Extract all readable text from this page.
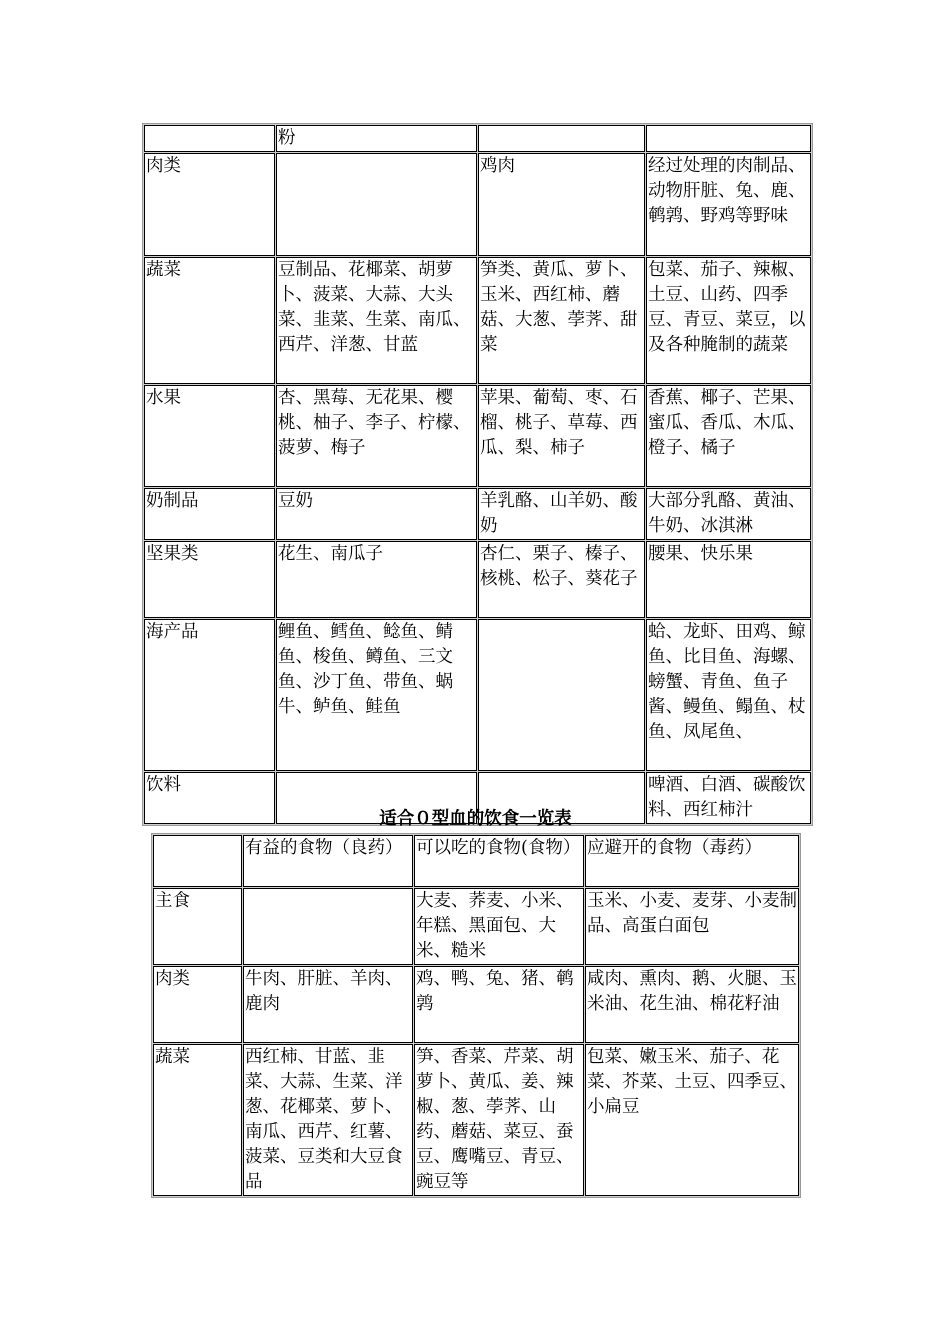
	粉		
肉类		鸡肉	经过处理的肉制品、动物肝脏、兔、鹿、鹌鹑、野鸡等野味
蔬菜	豆制品、花椰菜、胡萝卜、菠菜、大蒜、大头菜、韭菜、生菜、南瓜、西芹、洋葱、甘蓝	笋类、黄瓜、萝卜、玉米、西红柿、蘑菇、大葱、荸荠、甜菜	包菜、茄子、辣椒、土豆、山药、四季豆、青豆、菜豆，以及各种腌制的蔬菜
水果	杏、黑莓、无花果、樱桃、柚子、李子、柠檬、菠萝、梅子	苹果、葡萄、枣、石榴、桃子、草莓、西瓜、梨、柿子	香蕉、椰子、芒果、蜜瓜、香瓜、木瓜、橙子、橘子
奶制品	豆奶	羊乳酪、山羊奶、酸奶	大部分乳酪、黄油、牛奶、冰淇淋
坚果类	花生、南瓜子	杏仁、栗子、榛子、核桃、松子、葵花子	腰果、快乐果
海产品	鲤鱼、鳕鱼、鲶鱼、鲭鱼、梭鱼、鳟鱼、三文鱼、沙丁鱼、带鱼、蜗牛、鲈鱼、鲑鱼		蛤、龙虾、田鸡、鲸鱼、比目鱼、海螺、螃蟹、青鱼、鱼子酱、鳗鱼、鳎鱼、杖鱼、凤尾鱼、
饮料			啤酒、白酒、碳酸饮料、西红柿汁
适合０型血的饮食一览表
	有益的食物（良药）	可以吃的食物(食物）	应避开的食物（毒药）
主食		大麦、荞麦、小米、年糕、黑面包、大米、糙米	玉米、小麦、麦芽、小麦制品、高蛋白面包
肉类	牛肉、肝脏、羊肉、鹿肉	鸡、鸭、兔、猪、鹌鹑	咸肉、熏肉、鹅、火腿、玉米油、花生油、棉花籽油
蔬菜	西红柿、甘蓝、韭菜、大蒜、生菜、洋葱、花椰菜、萝卜、南瓜、西芹、红薯、菠菜、豆类和大豆食品	笋、香菜、芹菜、胡萝卜、黄瓜、姜、辣椒、葱、荸荠、山药、蘑菇、菜豆、蚕豆、鹰嘴豆、青豆、豌豆等	包菜、嫩玉米、茄子、花菜、芥菜、土豆、四季豆、小扁豆
